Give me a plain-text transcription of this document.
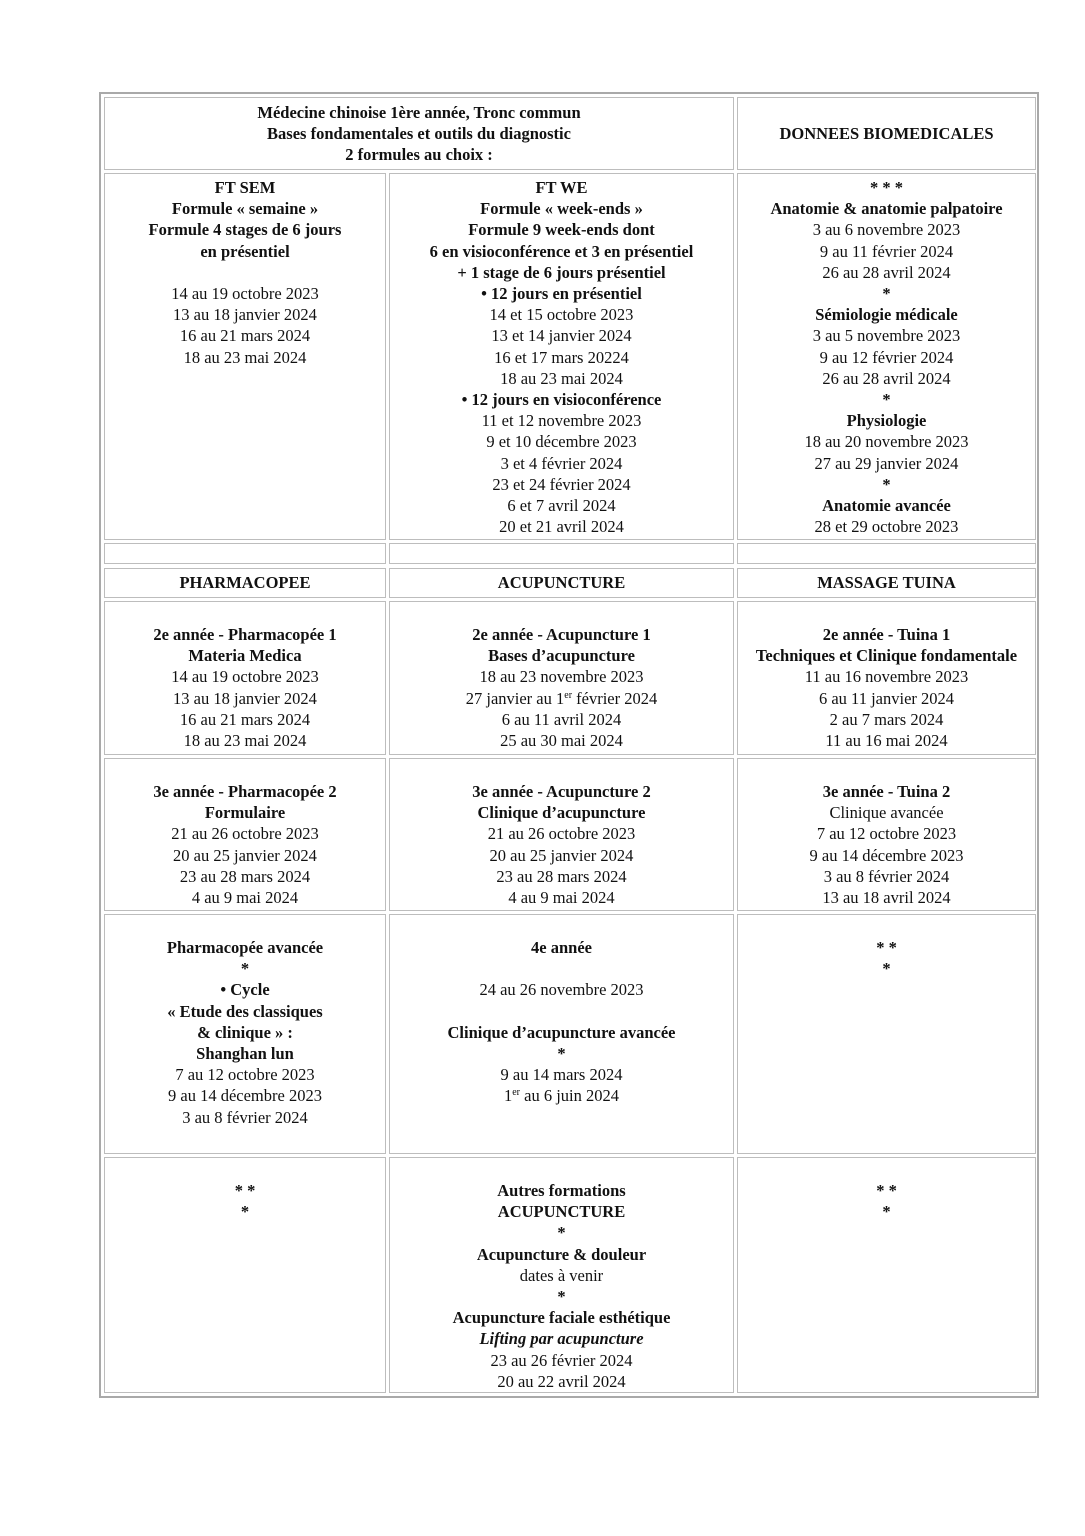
Médecine chinoise 1ère année, Tronc commun
Bases fondamentales et outils du diagnostic
2 formules au choix :
DONNEES BIOMEDICALES
FT SEM
Formule « semaine »
Formule 4 stages de 6 jours
en présentiel
14 au 19 octobre 2023
13 au 18 janvier 2024
16 au 21 mars 2024
18 au 23 mai 2024
FT WE
Formule « week-ends »
Formule 9 week-ends dont
6 en visioconférence et 3 en présentiel
+ 1 stage de 6 jours présentiel
• 12 jours en présentiel
14 et 15 octobre 2023
13 et 14 janvier 2024
16 et 17 mars 20224
18 au 23 mai 2024
• 12 jours en visioconférence
11 et 12 novembre 2023
9 et 10 décembre 2023
3 et 4 février 2024
23 et 24 février 2024
6 et 7 avril 2024
20 et 21 avril 2024
* * *
Anatomie & anatomie palpatoire
3 au 6 novembre 2023
9 au 11 février 2024
26 au 28 avril 2024
*
Sémiologie médicale
3 au 5 novembre 2023
9 au 12 février 2024
26 au 28 avril 2024
*
Physiologie
18 au 20 novembre 2023
27 au 29 janvier 2024
*
Anatomie avancée
28 et 29 octobre 2023
PHARMACOPEE	ACUPUNCTURE	MASSAGE TUINA
2e année - Pharmacopée 1
Materia Medica
14 au 19 octobre 2023
13 au 18 janvier 2024
16 au 21 mars 2024
18 au 23 mai 2024
2e année - Acupuncture 1
Bases d’acupuncture
18 au 23 novembre 2023
27 janvier au 1er février 2024
6 au 11 avril 2024
25 au 30 mai 2024
2e année - Tuina 1
Techniques et Clinique fondamentale
11 au 16 novembre 2023
6 au 11 janvier 2024
2 au 7 mars 2024
11 au 16 mai 2024
3e année - Pharmacopée 2
Formulaire
21 au 26 octobre 2023
20 au 25 janvier 2024
23 au 28 mars 2024
4 au 9 mai 2024
3e année - Acupuncture 2
Clinique d’acupuncture
21 au 26 octobre 2023
20 au 25 janvier 2024
23 au 28 mars 2024
4 au 9 mai 2024
3e année - Tuina 2
Clinique avancée
7 au 12 octobre 2023
9 au 14 décembre 2023
3 au 8 février 2024
13 au 18 avril 2024
Pharmacopée avancée
*
• Cycle
« Etude des classiques
& clinique » :
Shanghan lun
7 au 12 octobre 2023
9 au 14 décembre 2023
3 au 8 février 2024
4e année
24 au 26 novembre 2023
Clinique d’acupuncture avancée
*
9 au 14 mars 2024
1er au 6 juin 2024
* *
*
* *
*
Autres formations
ACUPUNCTURE
*
Acupuncture & douleur
dates à venir
*
Acupuncture faciale esthétique
Lifting par acupuncture
23 au 26 février 2024
20 au 22 avril 2024
* *
*
